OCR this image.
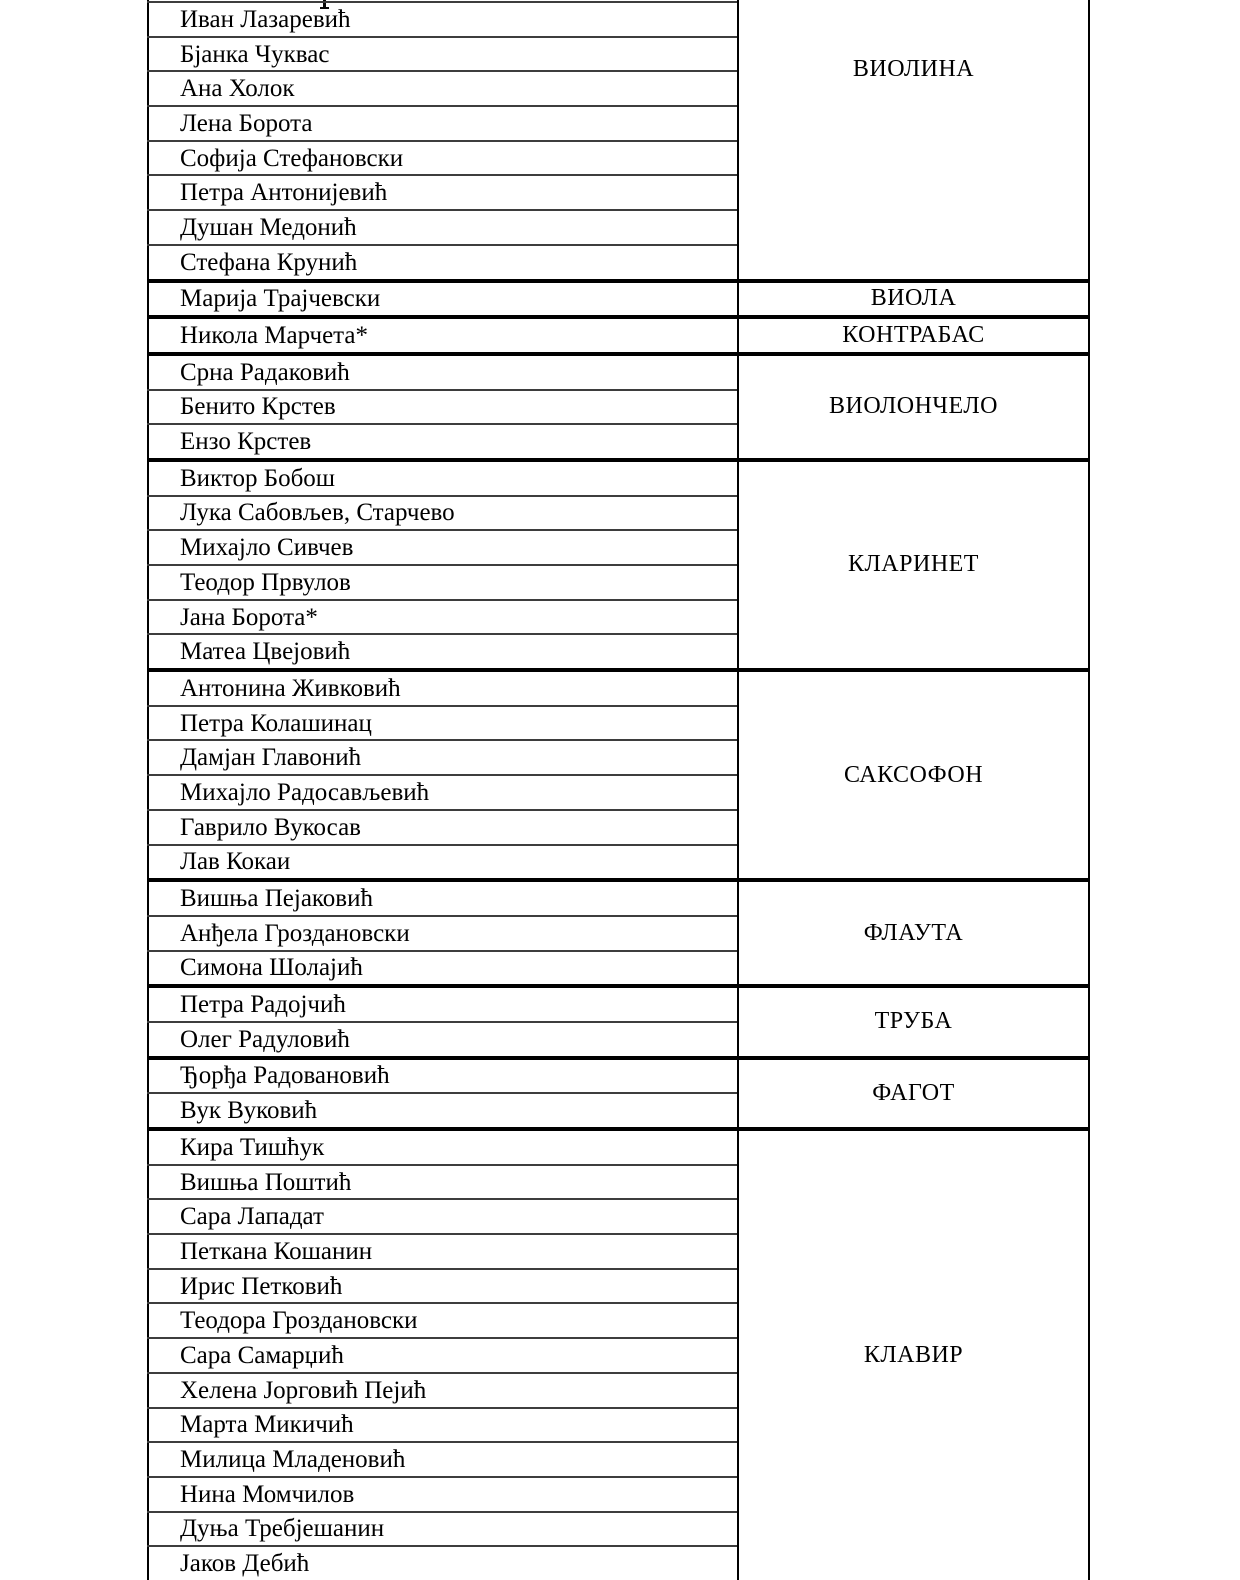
	ВИОЛИНА
Иван Лазаревић	
Бјанка Чуквас	
Ана Холок	
Лена Борота	
Софија Стефановски	
Петра Антонијевић	
Душан Медонић	
Стефана Крунић	
Марија Трајчевски	ВИОЛА
Никола Марчета*	КОНТРАБАС
Срна Радаковић	ВИОЛОНЧЕЛО
Бенито Крстев	
Ензо Крстев	
Виктор Бобош	КЛАРИНЕТ
Лука Сабовљев, Старчево	
Михајло Сивчев	
Теодор Првулов	
Јана Борота*	
Матеа Цвејовић	
Антонина Живковић	САКСОФОН
Петра Колашинац	
Дамјан Главонић	
Михајло Радосављевић	
Гаврило Вукосав	
Лав Кокаи	
Вишња Пејаковић	ФЛАУТА
Анђела Гроздановски	
Симона Шолајић	
Петра Радојчић	ТРУБА
Олег Радуловић	
Ђорђа Радовановић	ФАГОТ
Вук Вуковић	
Кира Тишћук	КЛАВИР
Вишња Поштић	
Сара Лападат	
Петкана Кошанин	
Ирис Петковић	
Теодора Гроздановски	
Сара Самарџић	
Хелена Јорговић Пејић	
Марта Микичић	
Милица Младеновић	
Нина Момчилов	
Дуња Требјешанин	
Јаков Дебић	
